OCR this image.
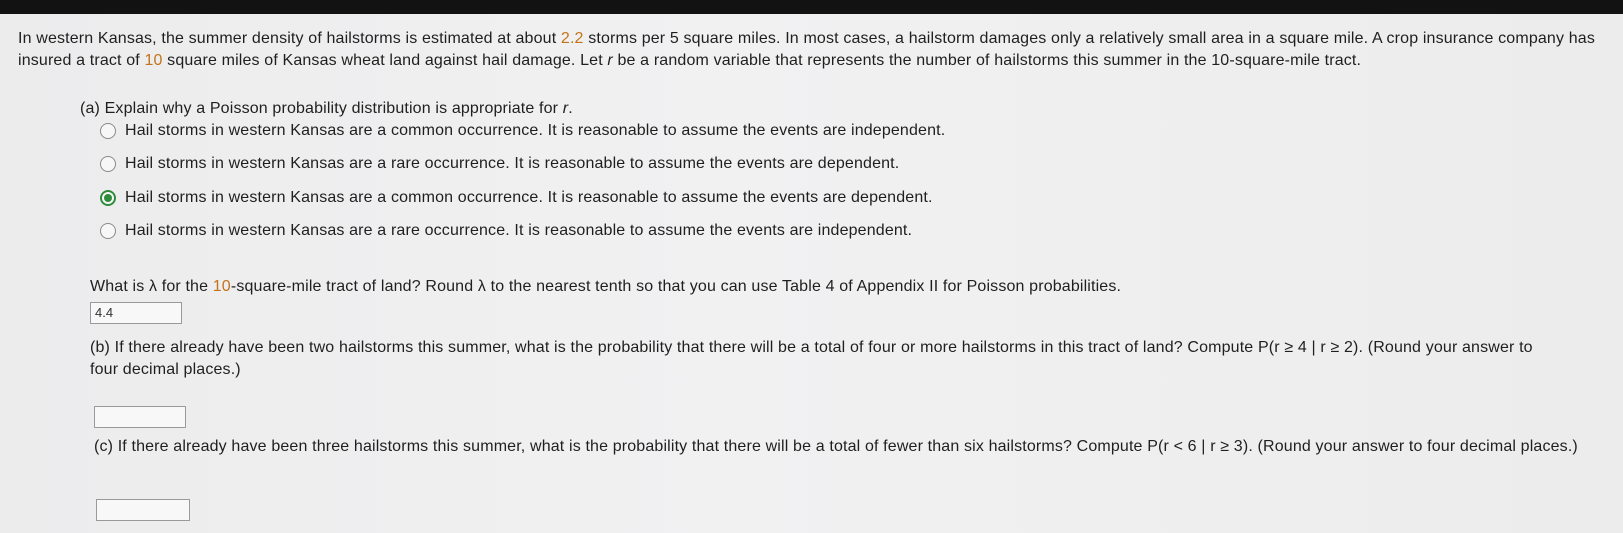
In western Kansas, the summer density of hailstorms is estimated at about 2.2 storms per 5 square miles. In most cases, a hailstorm damages only a relatively small area in a square mile. A crop insurance company has insured a tract of 10 square miles of Kansas wheat land against hail damage. Let r be a random variable that represents the number of hailstorms this summer in the 10-square-mile tract.
(a) Explain why a Poisson probability distribution is appropriate for r.
Hail storms in western Kansas are a common occurrence. It is reasonable to assume the events are independent.
Hail storms in western Kansas are a rare occurrence. It is reasonable to assume the events are dependent.
Hail storms in western Kansas are a common occurrence. It is reasonable to assume the events are dependent.
Hail storms in western Kansas are a rare occurrence. It is reasonable to assume the events are independent.
What is λ for the 10-square-mile tract of land? Round λ to the nearest tenth so that you can use Table 4 of Appendix II for Poisson probabilities.
4.4
(b) If there already have been two hailstorms this summer, what is the probability that there will be a total of four or more hailstorms in this tract of land? Compute P(r ≥ 4 | r ≥ 2). (Round your answer to four decimal places.)
(c) If there already have been three hailstorms this summer, what is the probability that there will be a total of fewer than six hailstorms? Compute P(r < 6 | r ≥ 3). (Round your answer to four decimal places.)
